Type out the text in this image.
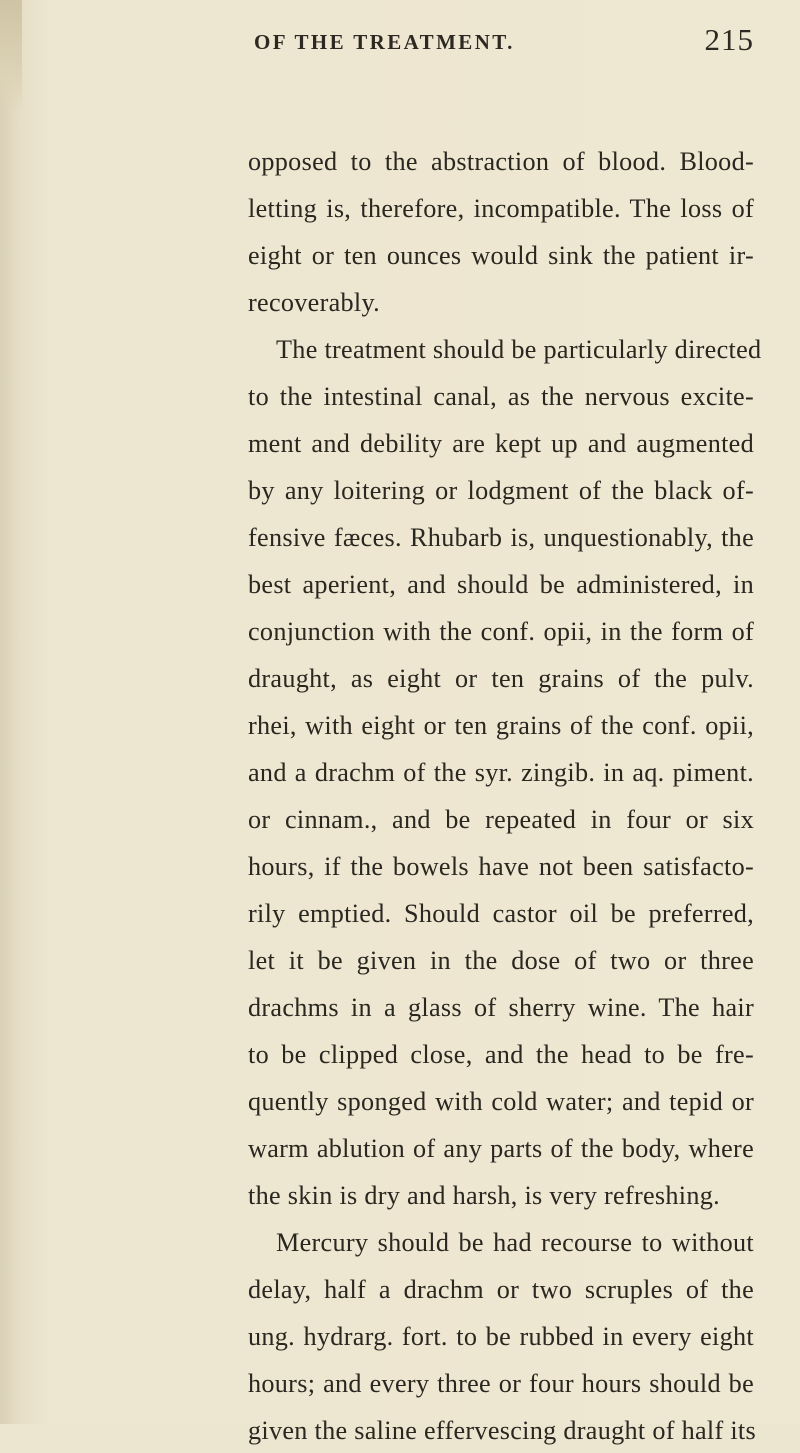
OF THE TREATMENT.	215
opposed to the abstraction of blood. Blood-
letting is, therefore, incompatible. The loss of
eight or ten ounces would sink the patient ir-
recoverably.
The treatment should be particularly directed
to the intestinal canal, as the nervous excite-
ment and debility are kept up and augmented
by any loitering or lodgment of the black of-
fensive fæces. Rhubarb is, unquestionably, the
best aperient, and should be administered, in
conjunction with the conf. opii, in the form of
draught, as eight or ten grains of the pulv.
rhei, with eight or ten grains of the conf. opii,
and a drachm of the syr. zingib. in aq. piment.
or cinnam., and be repeated in four or six
hours, if the bowels have not been satisfacto-
rily emptied. Should castor oil be preferred,
let it be given in the dose of two or three
drachms in a glass of sherry wine. The hair
to be clipped close, and the head to be fre-
quently sponged with cold water; and tepid or
warm ablution of any parts of the body, where
the skin is dry and harsh, is very refreshing.
Mercury should be had recourse to without
delay, half a drachm or two scruples of the
ung. hydrarg. fort. to be rubbed in every eight
hours; and every three or four hours should be
given the saline effervescing draught of half its
